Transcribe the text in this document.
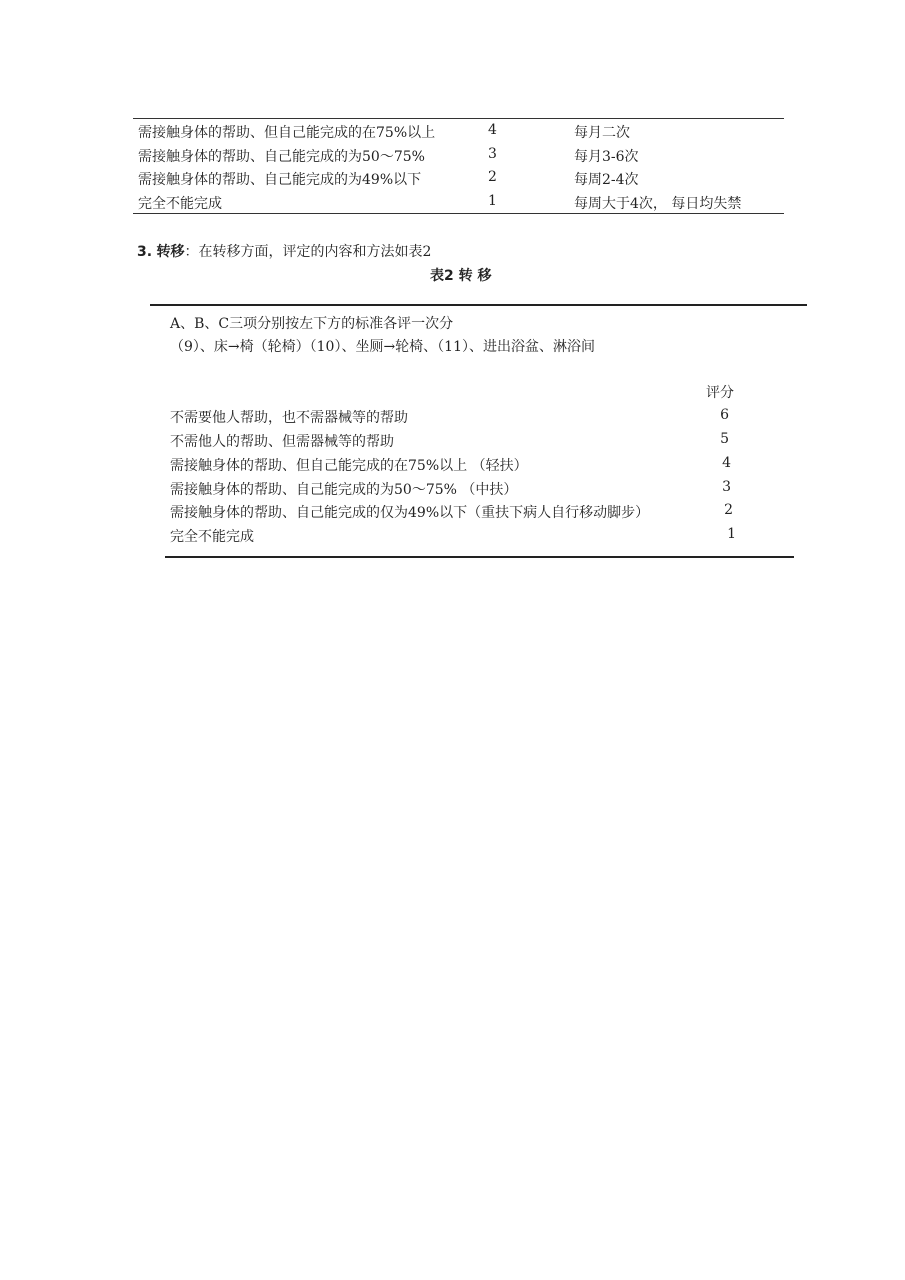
需接触身体的帮助、但自己能完成的在75%以上	4	每月二次
需接触身体的帮助、自己能完成的为50～75%	3	每月3-6次
需接触身体的帮助、自己能完成的为49%以下	2	每周2-4次
完全不能完成	1	每周大于4次， 每日均失禁
3. 转移：在转移方面，评定的内容和方法如表2
表2 转 移
A、B、C三项分别按左下方的标准各评一次分
（9）、床→椅（轮椅）（10）、坐厕→轮椅、（11）、进出浴盆、淋浴间
评分
不需要他人帮助，也不需器械等的帮助	6
不需他人的帮助、但需器械等的帮助	5
需接触身体的帮助、但自己能完成的在75%以上 （轻扶）	4
需接触身体的帮助、自己能完成的为50～75% （中扶）	3
需接触身体的帮助、自己能完成的仅为49%以下（重扶下病人自行移动脚步）	2
完全不能完成	1
